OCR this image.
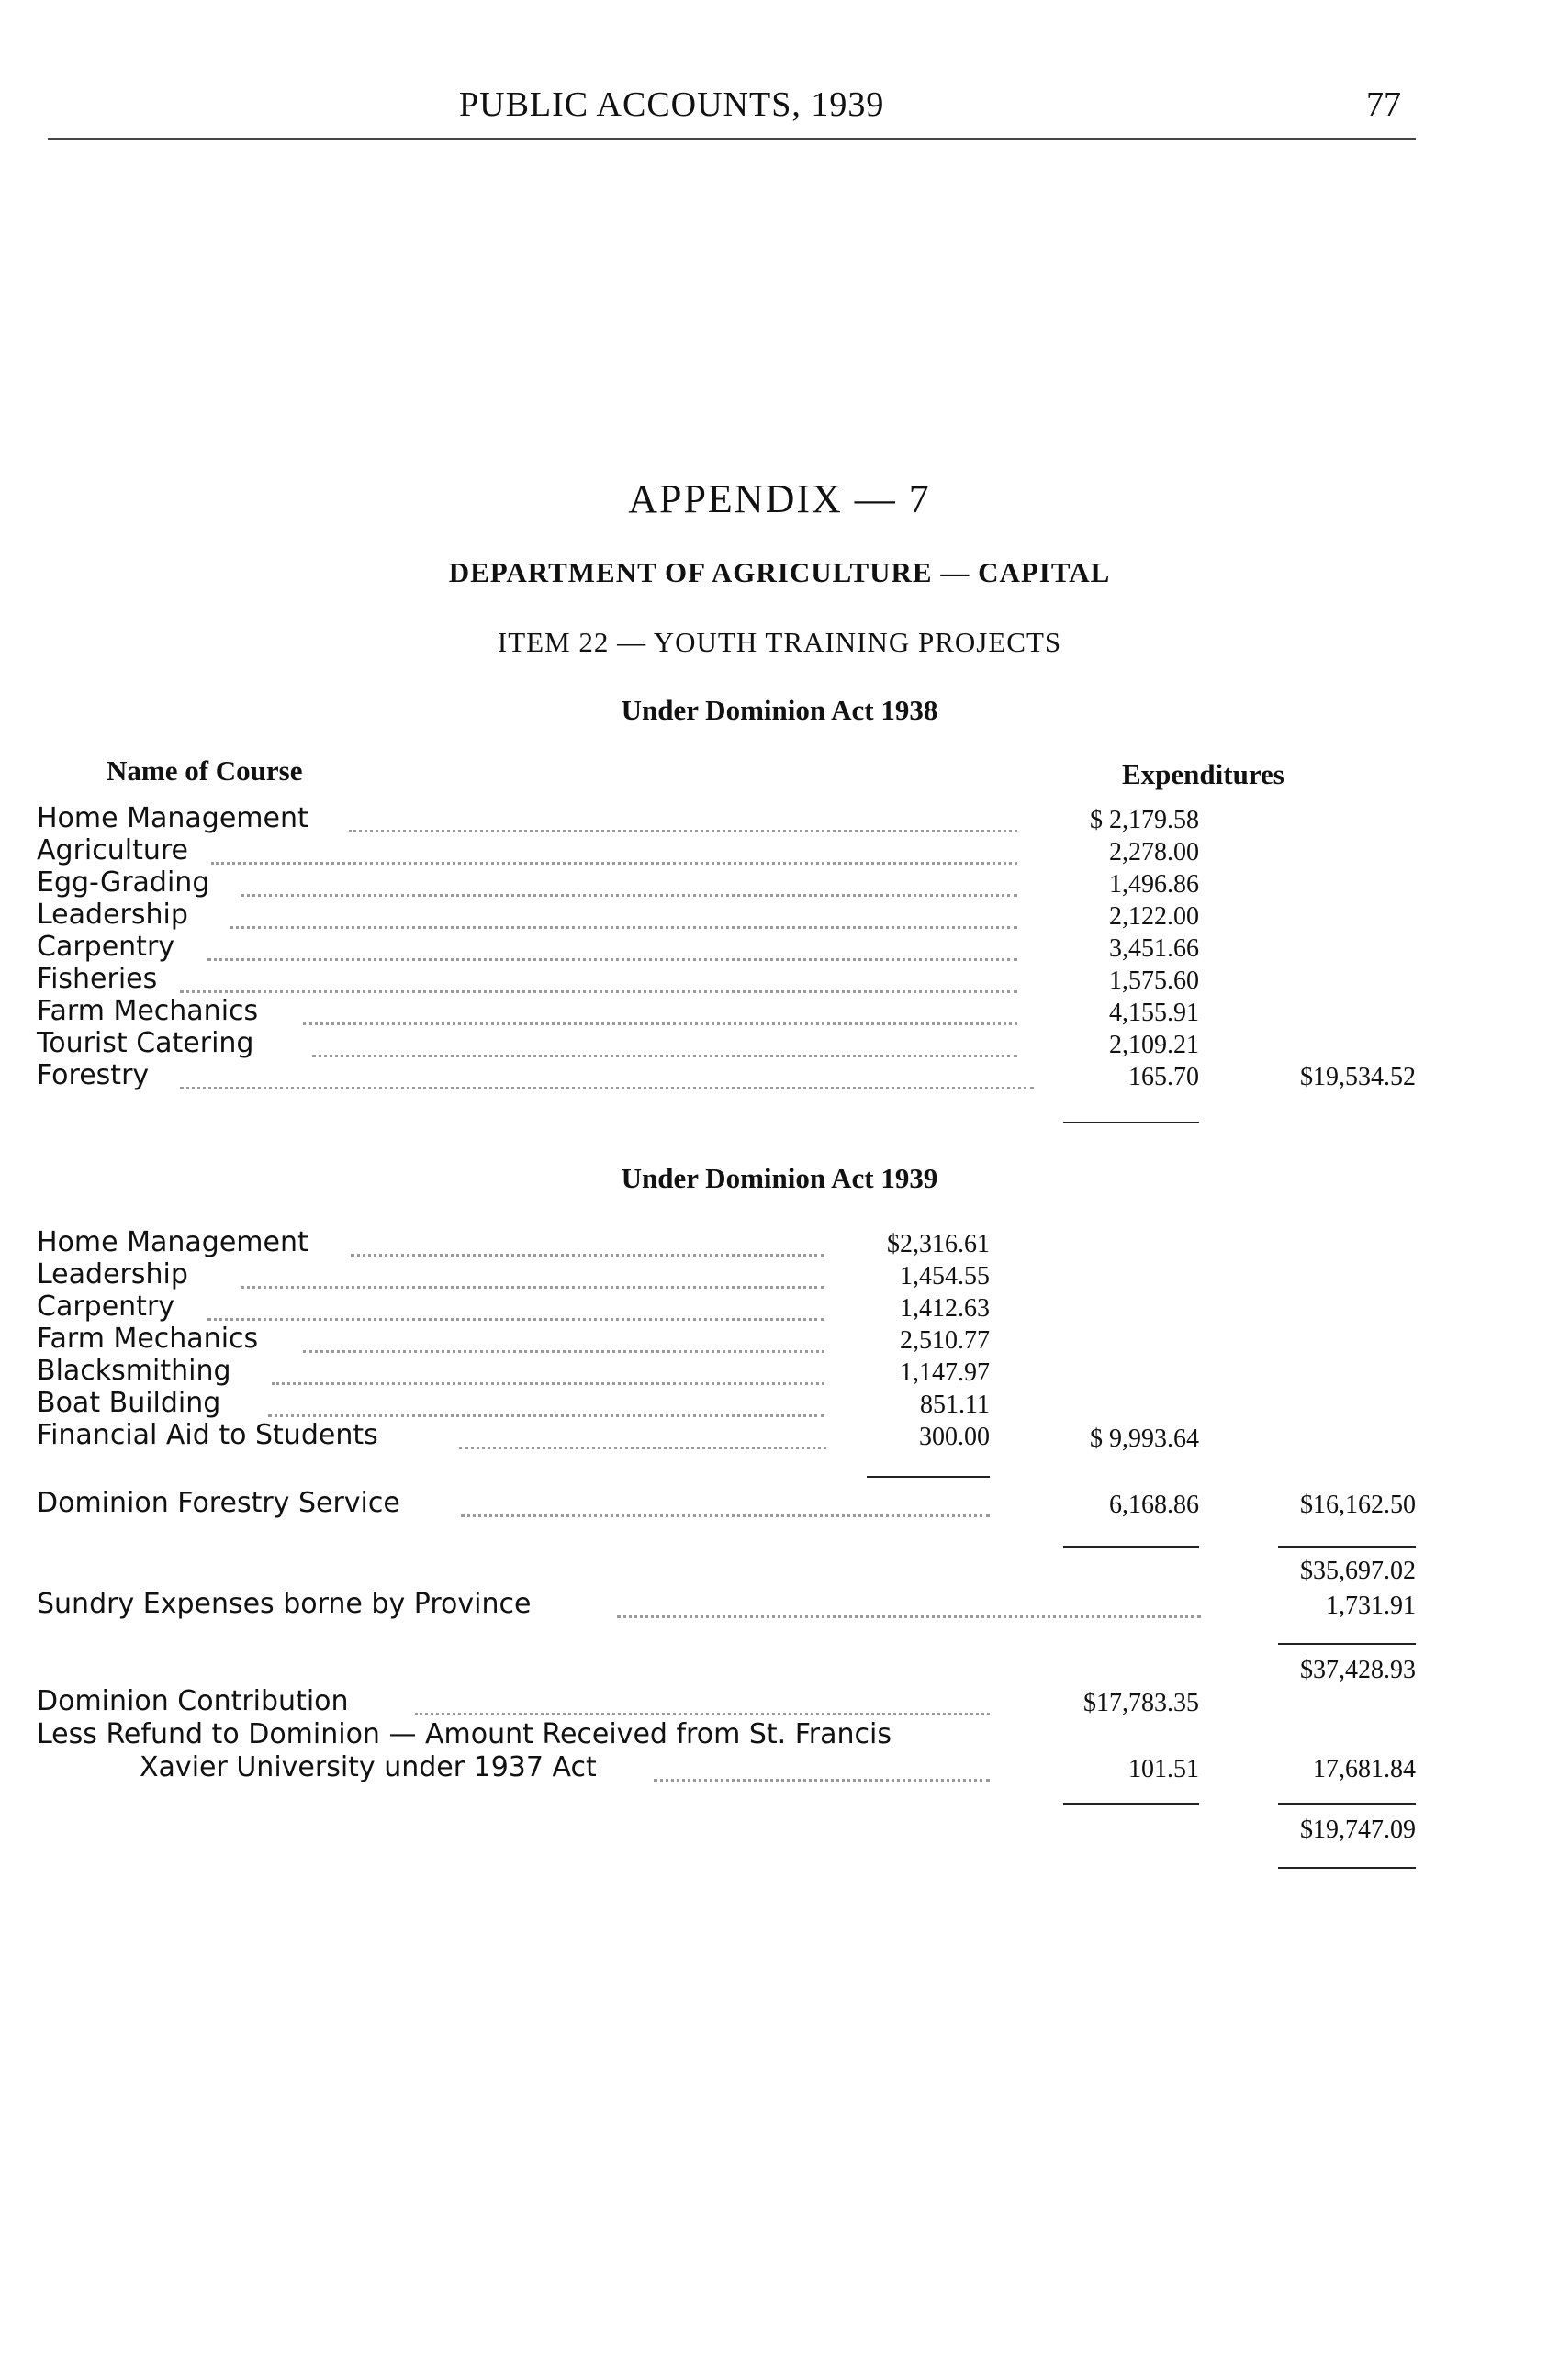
PUBLIC ACCOUNTS, 1939	77
APPENDIX — 7
DEPARTMENT OF AGRICULTURE — CAPITAL
ITEM 22 — YOUTH TRAINING PROJECTS
Under Dominion Act 1938
Name of Course	Expenditures
Home Management	$ 2,179.58
Agriculture	2,278.00
Egg-Grading	1,496.86
Leadership	2,122.00
Carpentry	3,451.66
Fisheries	1,575.60
Farm Mechanics	4,155.91
Tourist Catering	2,109.21
Forestry	165.70	$19,534.52
Under Dominion Act 1939
Home Management	$2,316.61
Leadership	1,454.55
Carpentry	1,412.63
Farm Mechanics	2,510.77
Blacksmithing	1,147.97
Boat Building	851.11
Financial Aid to Students	300.00	$ 9,993.64
Dominion Forestry Service	6,168.86	$16,162.50
$35,697.02
Sundry Expenses borne by Province	1,731.91
$37,428.93
Dominion Contribution	$17,783.35
Less Refund to Dominion — Amount Received from St. Francis
Xavier University under 1937 Act	101.51	17,681.84
$19,747.09
